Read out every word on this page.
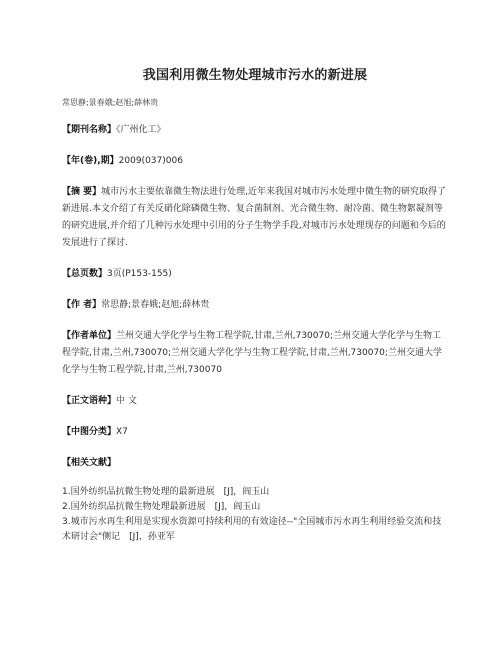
我国利用微生物处理城市污水的新进展
常思静;景春娥;赵旭;薛林贵
【期刊名称】《广州化工》
【年(卷),期】2009(037)006
【摘 要】城市污水主要依靠微生物法进行处理,近年来我国对城市污水处理中微生物的研究取得了新进展.本文介绍了有关反硝化除磷微生物、复合菌制剂、光合微生物、耐冷菌、微生物絮凝剂等的研究进展,并介绍了几种污水处理中引用的分子生物学手段,对城市污水处理现存的问题和今后的发展进行了探讨.
【总页数】3页(P153-155)
【作 者】常思静;景春娥;赵旭;薛林贵
【作者单位】兰州交通大学化学与生物工程学院,甘肃,兰州,730070;兰州交通大学化学与生物工程学院,甘肃,兰州,730070;兰州交通大学化学与生物工程学院,甘肃,兰州,730070;兰州交通大学化学与生物工程学院,甘肃,兰州,730070
【正文语种】中 文
【中图分类】X7
【相关文献】
1.国外纺织品抗微生物处理的最新进展　[J]，阎玉山
2.国外纺织品抗微生物处理最新进展　[J]，阎玉山
3.城市污水再生利用是实现水资源可持续利用的有效途径--"全国城市污水再生利用经验交流和技术研讨会"侧记　[J]，孙亚军
